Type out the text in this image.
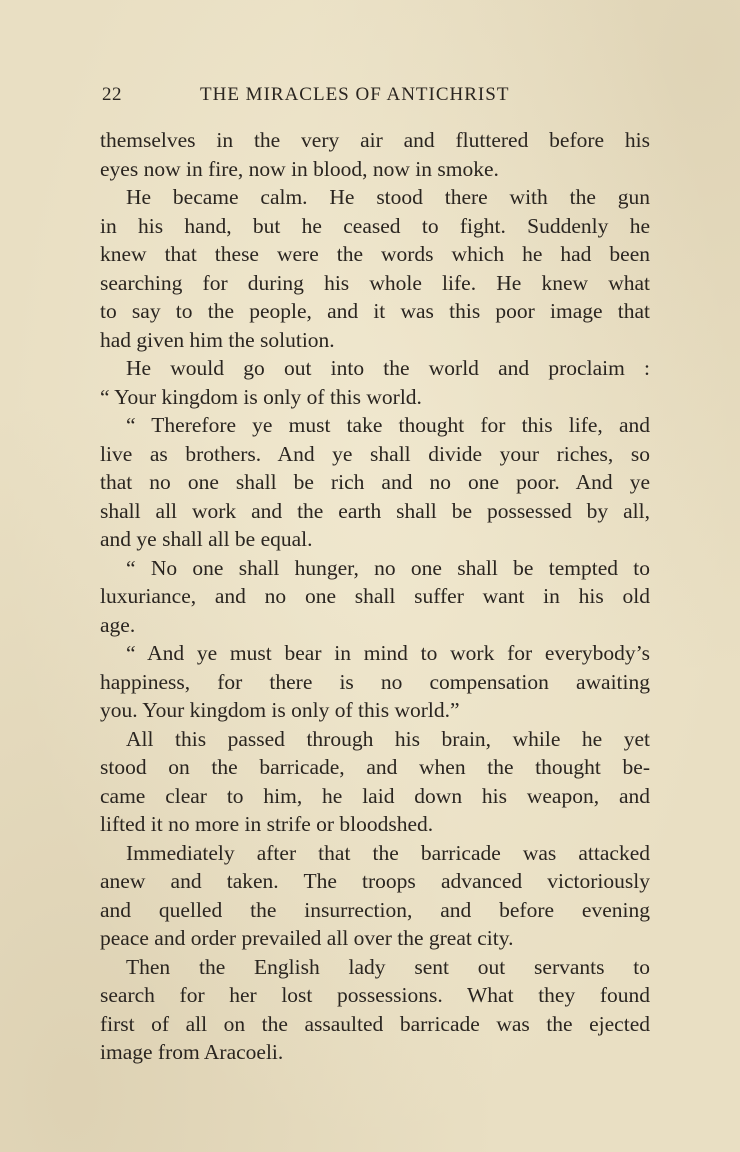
22	THE MIRACLES OF ANTICHRIST
themselves in the very air and fluttered before his
eyes now in fire, now in blood, now in smoke.
He became calm. He stood there with the gun
in his hand, but he ceased to fight. Suddenly he
knew that these were the words which he had been
searching for during his whole life. He knew what
to say to the people, and it was this poor image that
had given him the solution.
He would go out into the world and proclaim :
“ Your kingdom is only of this world.
“ Therefore ye must take thought for this life, and
live as brothers. And ye shall divide your riches, so
that no one shall be rich and no one poor. And ye
shall all work and the earth shall be possessed by all,
and ye shall all be equal.
“ No one shall hunger, no one shall be tempted to
luxuriance, and no one shall suffer want in his old
age.
“ And ye must bear in mind to work for everybody’s
happiness, for there is no compensation awaiting
you. Your kingdom is only of this world.”
All this passed through his brain, while he yet
stood on the barricade, and when the thought be-
came clear to him, he laid down his weapon, and
lifted it no more in strife or bloodshed.
Immediately after that the barricade was attacked
anew and taken. The troops advanced victoriously
and quelled the insurrection, and before evening
peace and order prevailed all over the great city.
Then the English lady sent out servants to
search for her lost possessions. What they found
first of all on the assaulted barricade was the ejected
image from Aracoeli.
